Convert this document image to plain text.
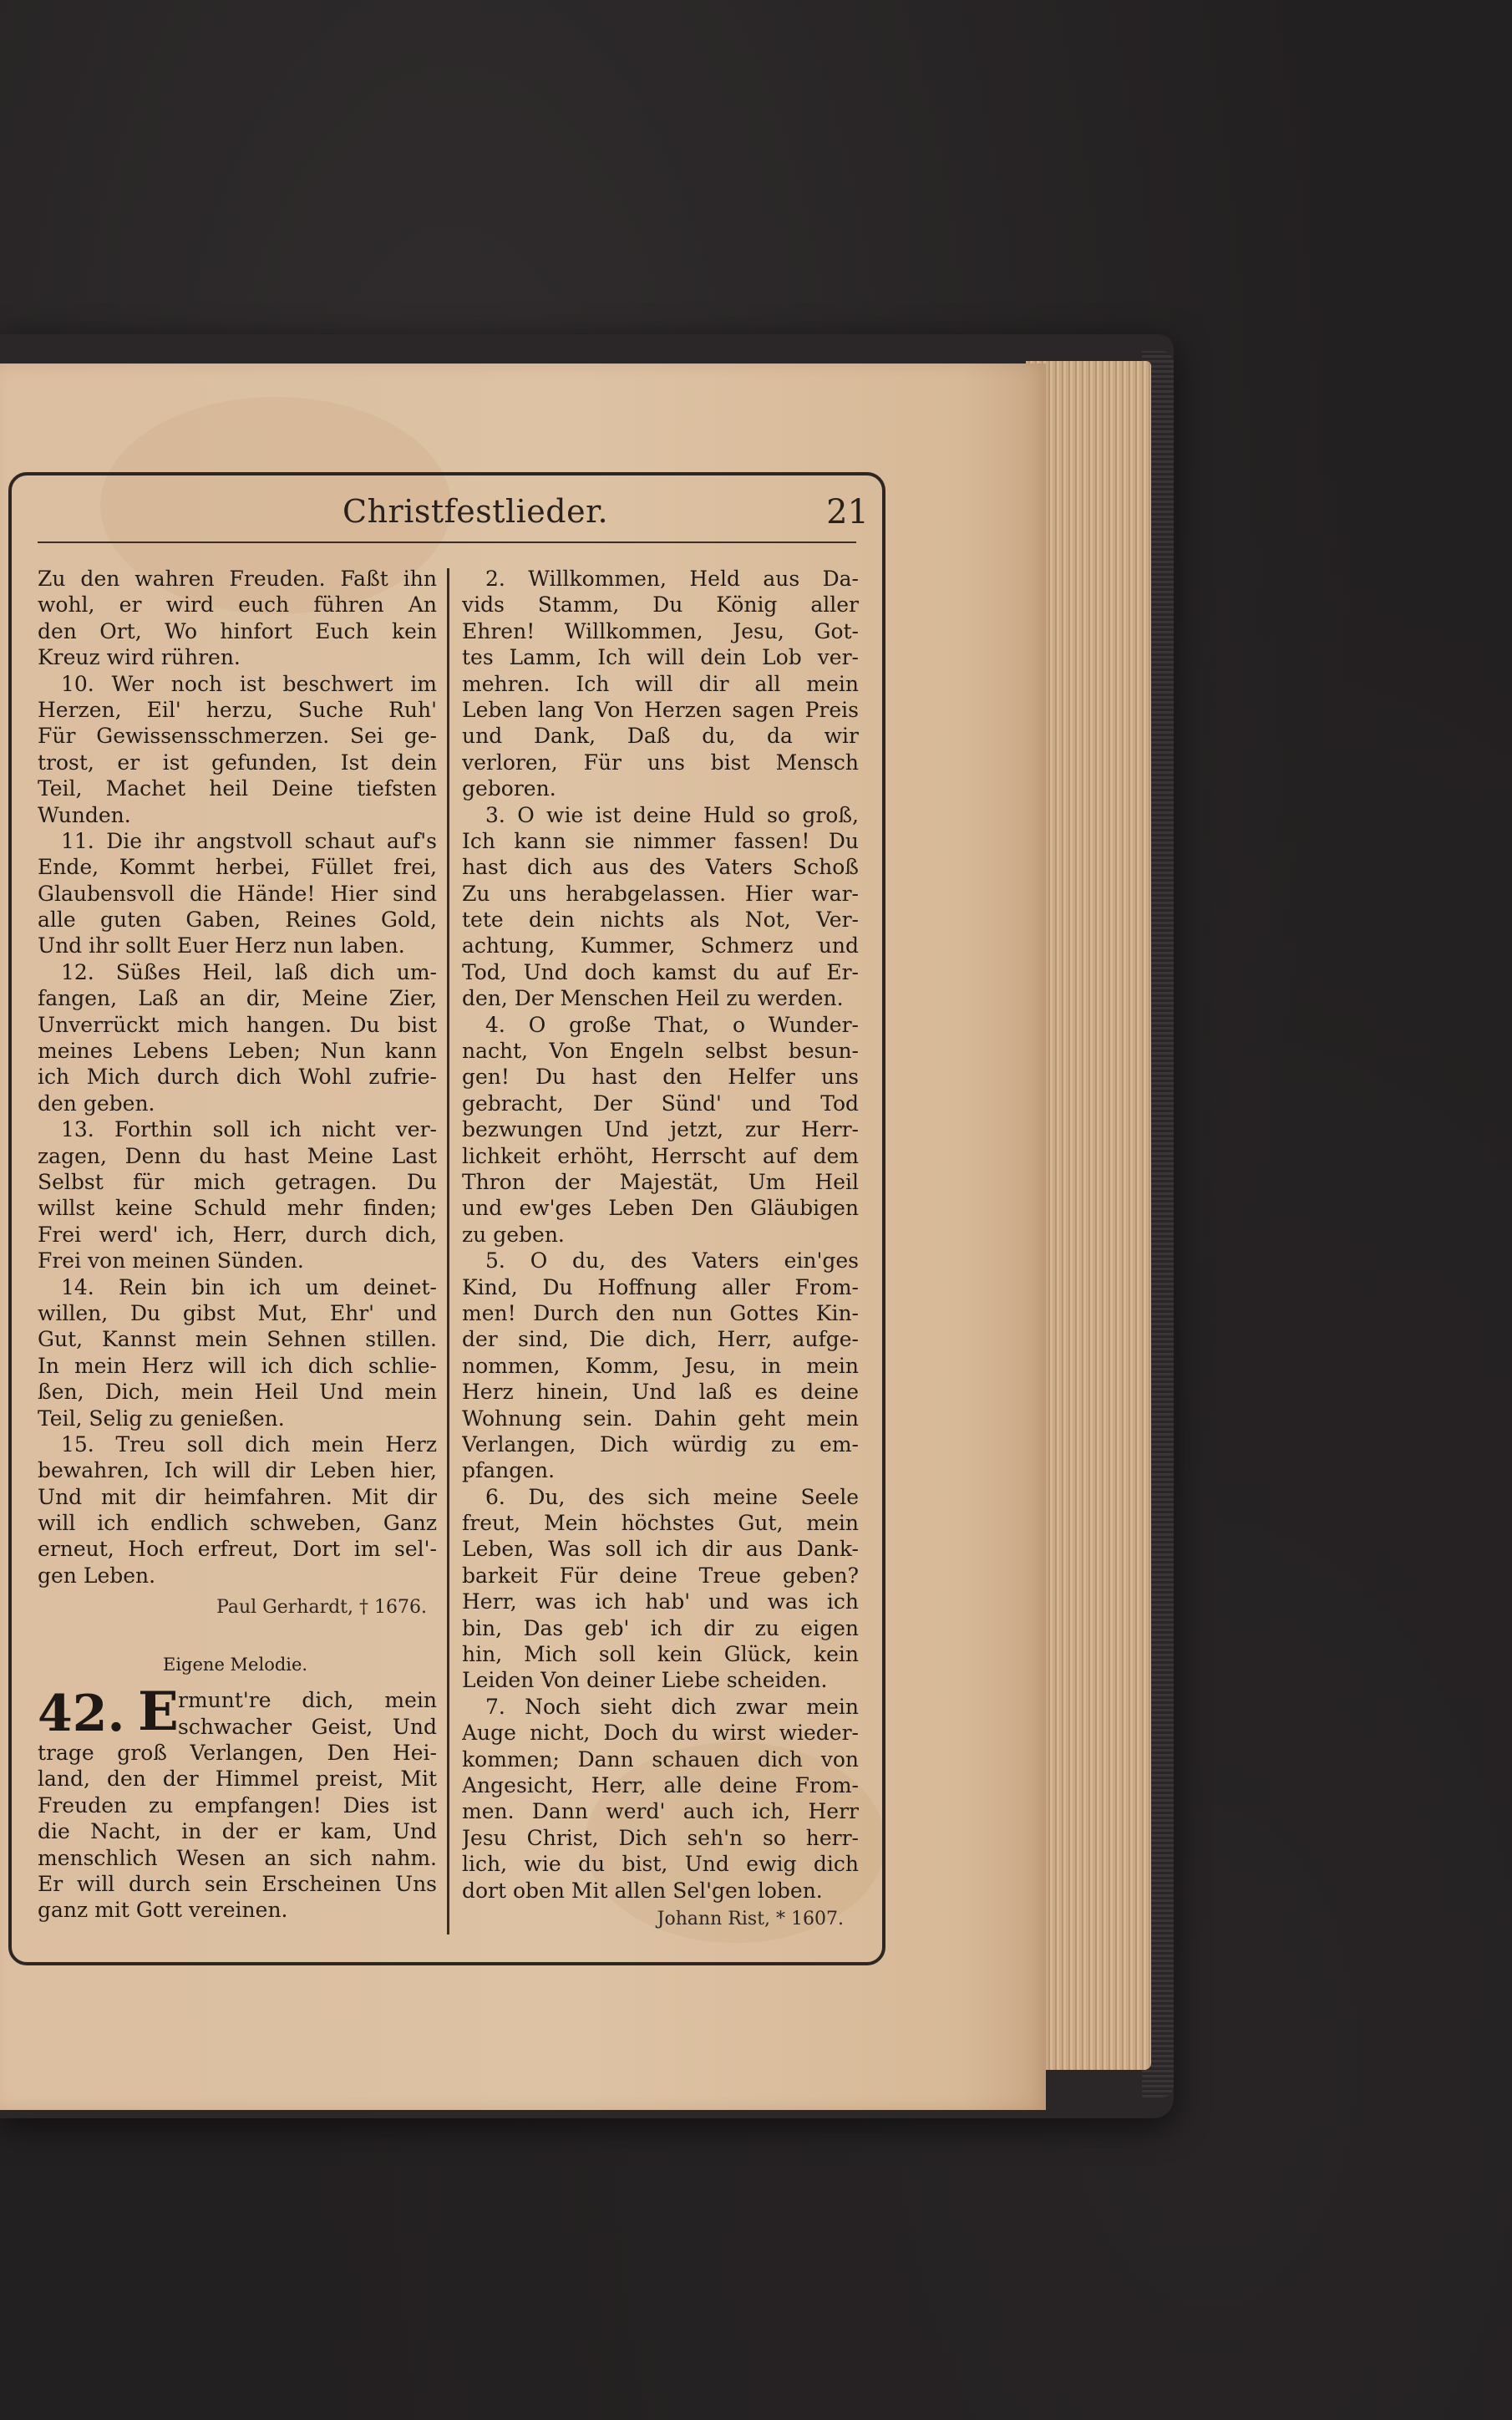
Christfestlieder.	21
Zu den wahren Freuden. Faßt ihn
wohl, er wird euch führen An
den Ort, Wo hinfort Euch kein
Kreuz wird rühren.
10. Wer noch ist beschwert im
Herzen, Eil' herzu, Suche Ruh'
Für Gewissensschmerzen. Sei ge-
trost, er ist gefunden, Ist dein
Teil, Machet heil Deine tiefsten
Wunden.
11. Die ihr angstvoll schaut auf's
Ende, Kommt herbei, Füllet frei,
Glaubensvoll die Hände! Hier sind
alle guten Gaben, Reines Gold,
Und ihr sollt Euer Herz nun laben.
12. Süßes Heil, laß dich um-
fangen, Laß an dir, Meine Zier,
Unverrückt mich hangen. Du bist
meines Lebens Leben; Nun kann
ich Mich durch dich Wohl zufrie-
den geben.
13. Forthin soll ich nicht ver-
zagen, Denn du hast Meine Last
Selbst für mich getragen. Du
willst keine Schuld mehr finden;
Frei werd' ich, Herr, durch dich,
Frei von meinen Sünden.
14. Rein bin ich um deinet-
willen, Du gibst Mut, Ehr' und
Gut, Kannst mein Sehnen stillen.
In mein Herz will ich dich schlie-
ßen, Dich, mein Heil Und mein
Teil, Selig zu genießen.
15. Treu soll dich mein Herz
bewahren, Ich will dir Leben hier,
Und mit dir heimfahren. Mit dir
will ich endlich schweben, Ganz
erneut, Hoch erfreut, Dort im sel'-
gen Leben.
Paul Gerhardt, † 1676.
Eigene Melodie.
42. E rmunt're dich, mein
schwacher Geist, Und
trage groß Verlangen, Den Hei-
land, den der Himmel preist, Mit
Freuden zu empfangen! Dies ist
die Nacht, in der er kam, Und
menschlich Wesen an sich nahm.
Er will durch sein Erscheinen Uns
ganz mit Gott vereinen.
2. Willkommen, Held aus Da-
vids Stamm, Du König aller
Ehren! Willkommen, Jesu, Got-
tes Lamm, Ich will dein Lob ver-
mehren. Ich will dir all mein
Leben lang Von Herzen sagen Preis
und Dank, Daß du, da wir
verloren, Für uns bist Mensch
geboren.
3. O wie ist deine Huld so groß,
Ich kann sie nimmer fassen! Du
hast dich aus des Vaters Schoß
Zu uns herabgelassen. Hier war-
tete dein nichts als Not, Ver-
achtung, Kummer, Schmerz und
Tod, Und doch kamst du auf Er-
den, Der Menschen Heil zu werden.
4. O große That, o Wunder-
nacht, Von Engeln selbst besun-
gen! Du hast den Helfer uns
gebracht, Der Sünd' und Tod
bezwungen Und jetzt, zur Herr-
lichkeit erhöht, Herrscht auf dem
Thron der Majestät, Um Heil
und ew'ges Leben Den Gläubigen
zu geben.
5. O du, des Vaters ein'ges
Kind, Du Hoffnung aller From-
men! Durch den nun Gottes Kin-
der sind, Die dich, Herr, aufge-
nommen, Komm, Jesu, in mein
Herz hinein, Und laß es deine
Wohnung sein. Dahin geht mein
Verlangen, Dich würdig zu em-
pfangen.
6. Du, des sich meine Seele
freut, Mein höchstes Gut, mein
Leben, Was soll ich dir aus Dank-
barkeit Für deine Treue geben?
Herr, was ich hab' und was ich
bin, Das geb' ich dir zu eigen
hin, Mich soll kein Glück, kein
Leiden Von deiner Liebe scheiden.
7. Noch sieht dich zwar mein
Auge nicht, Doch du wirst wieder-
kommen; Dann schauen dich von
Angesicht, Herr, alle deine From-
men. Dann werd' auch ich, Herr
Jesu Christ, Dich seh'n so herr-
lich, wie du bist, Und ewig dich
dort oben Mit allen Sel'gen loben.
Johann Rist, * 1607.
